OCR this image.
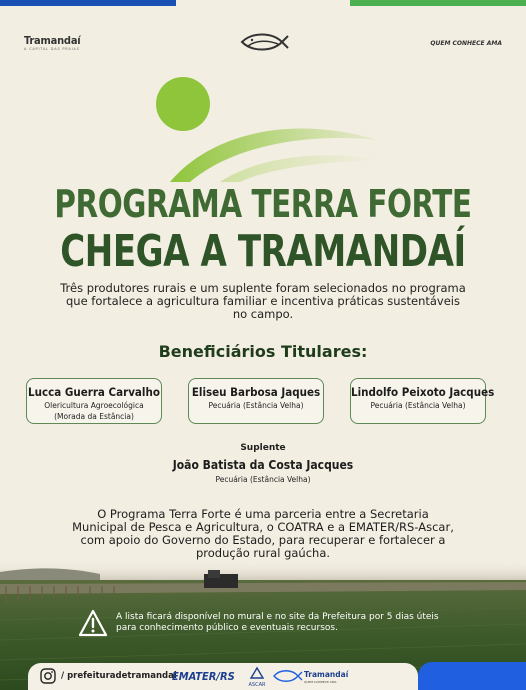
Tramandaí
A CAPITAL DAS PRAIAS
QUEM CONHECE AMA
PROGRAMA TERRA FORTE
CHEGA A TRAMANDAÍ
Três produtores rurais e um suplente foram selecionados no programa que fortalece a agricultura familiar e incentiva práticas sustentáveis no campo.
Beneficiários Titulares:
Lucca Guerra Carvalho
Olericultura Agroecológica
(Morada da Estância)
Eliseu Barbosa Jaques
Pecuária (Estância Velha)
Lindolfo Peixoto Jacques
Pecuária (Estância Velha)
Suplente
João Batista da Costa Jacques
Pecuária (Estância Velha)
O Programa Terra Forte é uma parceria entre a Secretaria Municipal de Pesca e Agricultura, o COATRA e a EMATER/RS-Ascar, com apoio do Governo do Estado, para recuperar e fortalecer a produção rural gaúcha.
A lista ficará disponível no mural e no site da Prefeitura por 5 dias úteis para conhecimento público e eventuais recursos.
/ prefeituradetramandai
EMATER/RS
ASCAR
Tramandaí
QUEM CONHECE AMA
